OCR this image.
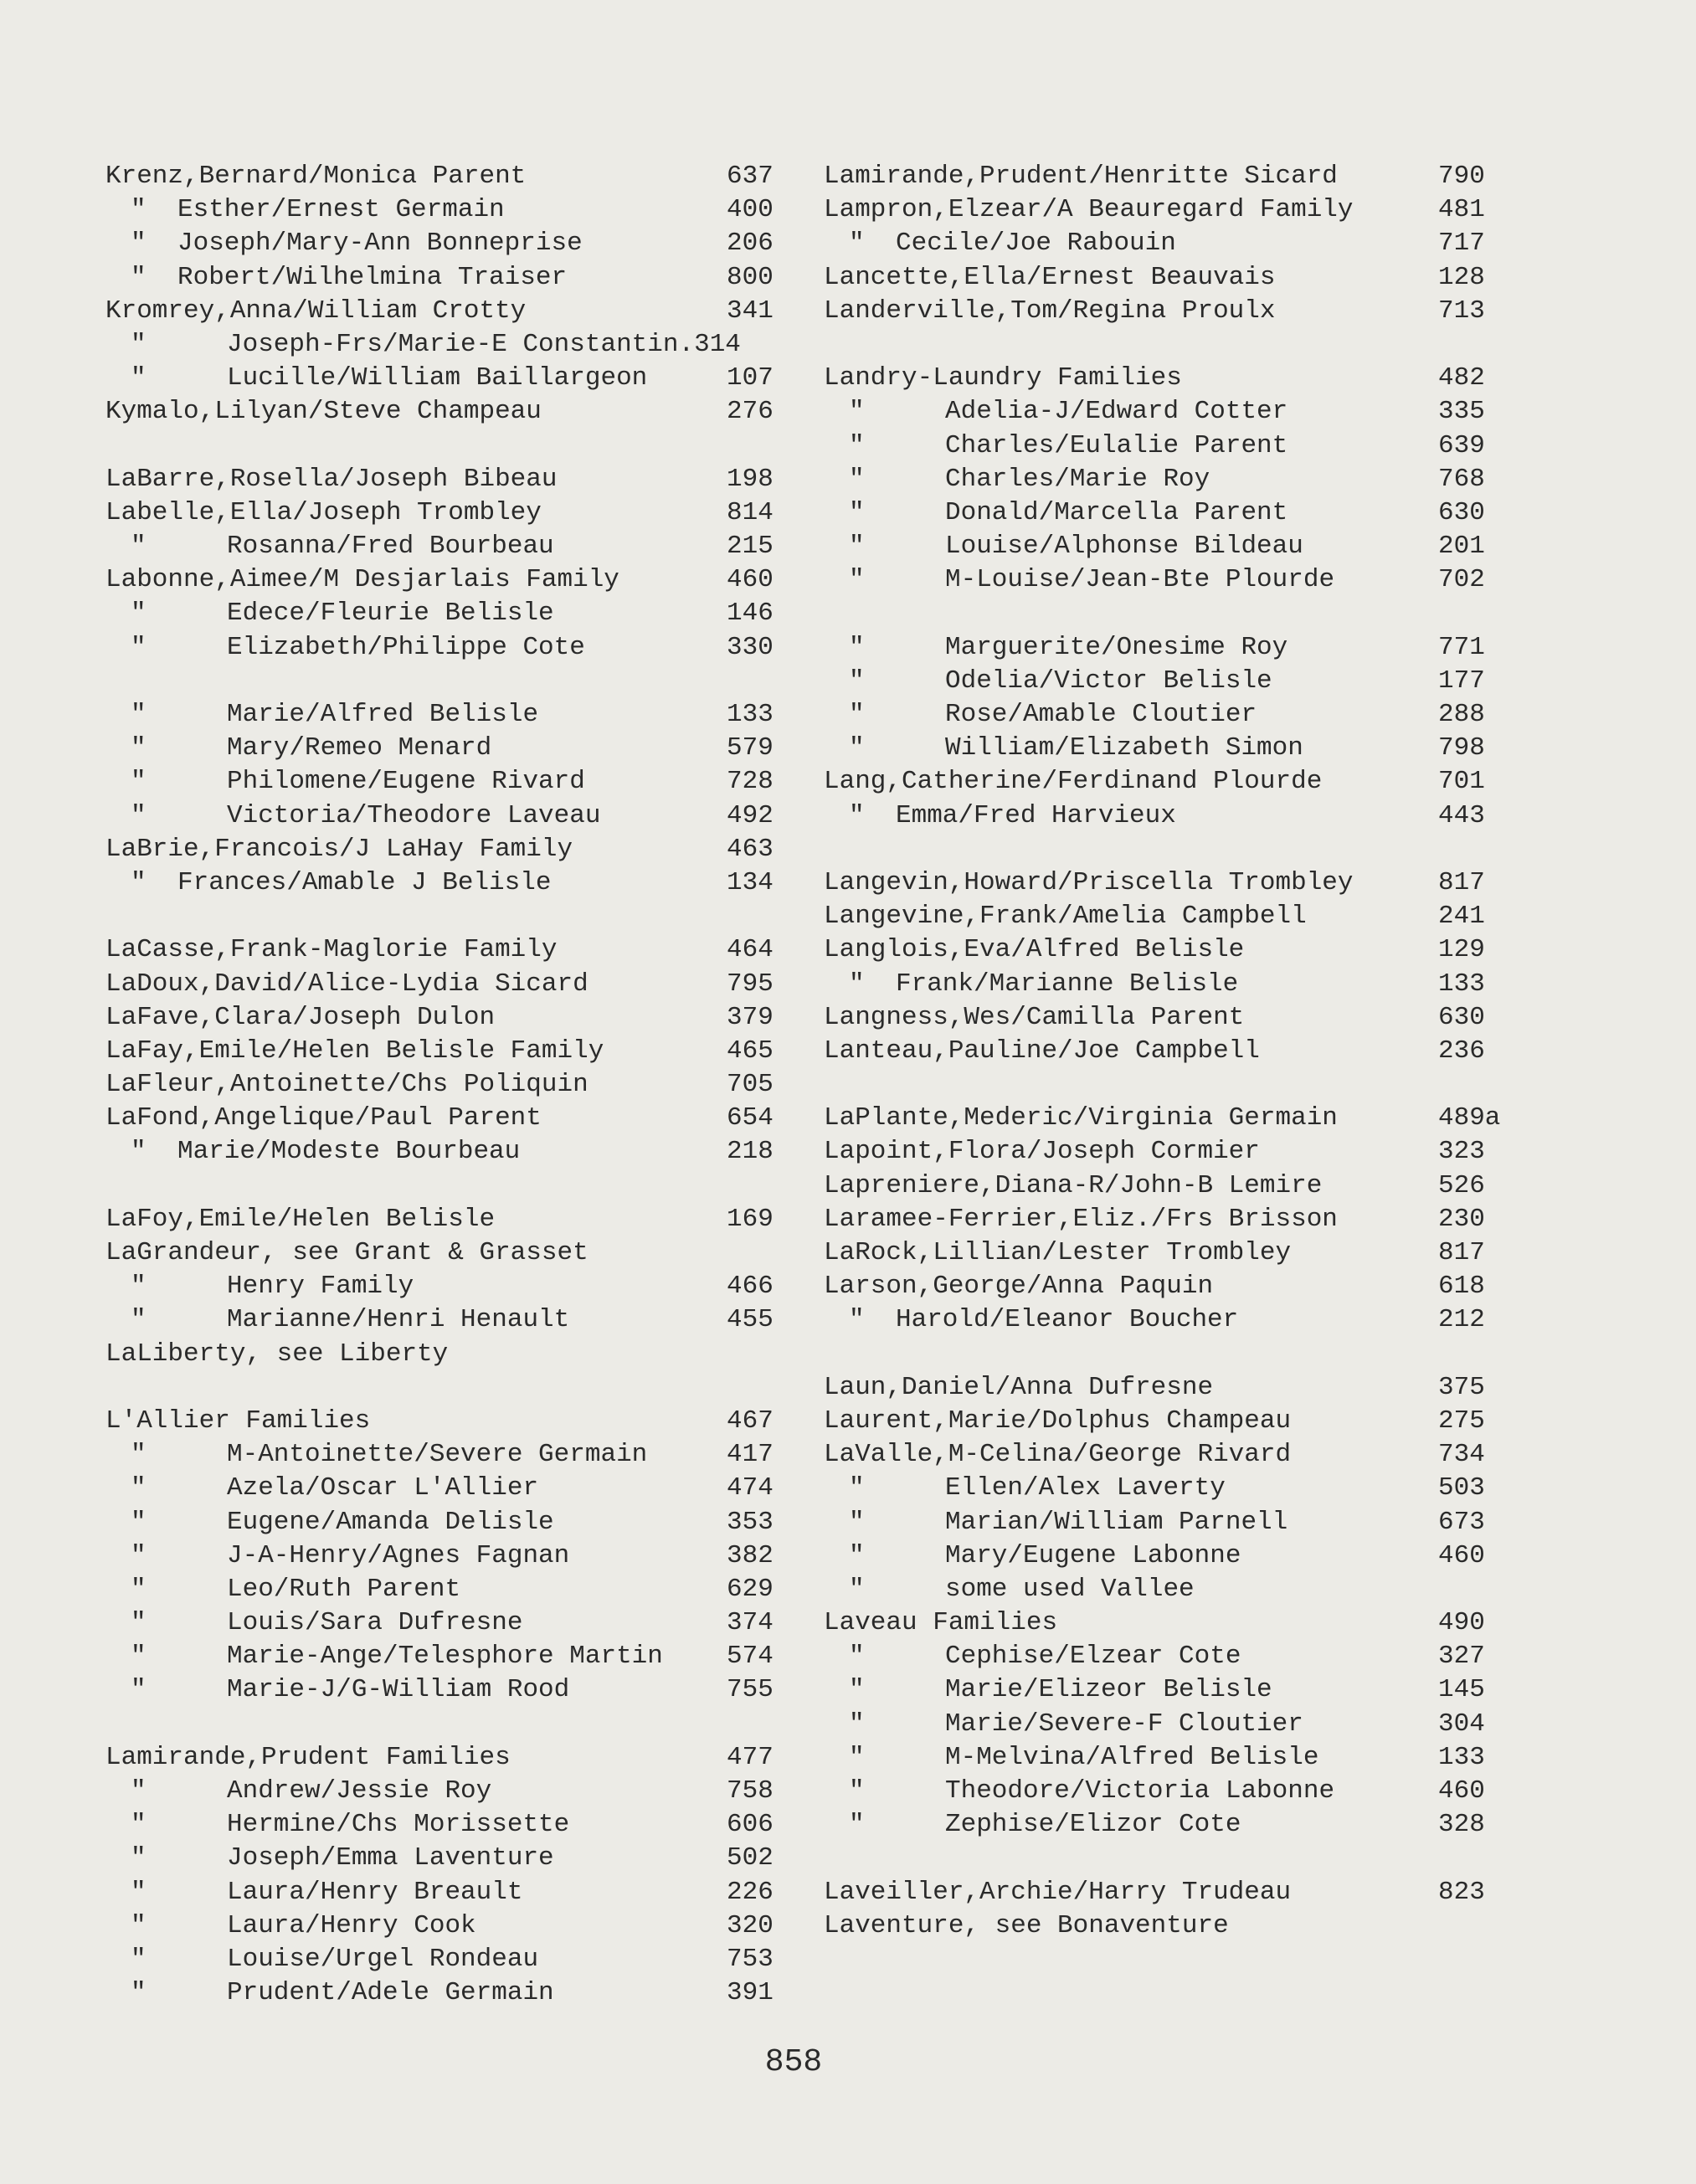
Krenz,Bernard/Monica Parent	637
" Esther/Ernest Germain	400
" Joseph/Mary-Ann Bonneprise	206
" Robert/Wilhelmina Traiser	800
Kromrey,Anna/William Crotty	341
"	Joseph-Frs/Marie-E Constantin.314
"	Lucille/William Baillargeon	107
Kymalo,Lilyan/Steve Champeau	276
LaBarre,Rosella/Joseph Bibeau	198
Labelle,Ella/Joseph Trombley	814
"	Rosanna/Fred Bourbeau	215
Labonne,Aimee/M Desjarlais Family	460
"	Edece/Fleurie Belisle	146
"	Elizabeth/Philippe Cote	330
"	Marie/Alfred Belisle	133
"	Mary/Remeo Menard	579
"	Philomene/Eugene Rivard	728
"	Victoria/Theodore Laveau	492
LaBrie,Francois/J LaHay Family	463
" Frances/Amable J Belisle	134
LaCasse,Frank-Maglorie Family	464
LaDoux,David/Alice-Lydia Sicard	795
LaFave,Clara/Joseph Dulon	379
LaFay,Emile/Helen Belisle Family	465
LaFleur,Antoinette/Chs Poliquin	705
LaFond,Angelique/Paul Parent	654
" Marie/Modeste Bourbeau	218
LaFoy,Emile/Helen Belisle	169
LaGrandeur, see Grant & Grasset
"	Henry Family	466
"	Marianne/Henri Henault	455
LaLiberty, see Liberty
L'Allier Families	467
"	M-Antoinette/Severe Germain	417
"	Azela/Oscar L'Allier	474
"	Eugene/Amanda Delisle	353
"	J-A-Henry/Agnes Fagnan	382
"	Leo/Ruth Parent	629
"	Louis/Sara Dufresne	374
"	Marie-Ange/Telesphore Martin 574
"	Marie-J/G-William Rood	755
Lamirande,Prudent Families	477
"	Andrew/Jessie Roy	758
"	Hermine/Chs Morissette	606
"	Joseph/Emma Laventure	502
"	Laura/Henry Breault	226
"	Laura/Henry Cook	320
"	Louise/Urgel Rondeau	753
"	Prudent/Adele Germain	391
Lamirande,Prudent/Henritte Sicard	790
Lampron,Elzear/A Beauregard Family	481
" Cecile/Joe Rabouin	717
Lancette,Ella/Ernest Beauvais	128
Landerville,Tom/Regina Proulx	713
Landry-Laundry Families	482
"	Adelia-J/Edward Cotter	335
"	Charles/Eulalie Parent	639
"	Charles/Marie Roy	768
"	Donald/Marcella Parent	630
"	Louise/Alphonse Bildeau	201
"	M-Louise/Jean-Bte Plourde	702
"	Marguerite/Onesime Roy	771
"	Odelia/Victor Belisle	177
"	Rose/Amable Cloutier	288
"	William/Elizabeth Simon	798
Lang,Catherine/Ferdinand Plourde	701
" Emma/Fred Harvieux	443
Langevin,Howard/Priscella Trombley	817
Langevine,Frank/Amelia Campbell	241
Langlois,Eva/Alfred Belisle	129
" Frank/Marianne Belisle	133
Langness,Wes/Camilla Parent	630
Lanteau,Pauline/Joe Campbell	236
LaPlante,Mederic/Virginia Germain	489a
Lapoint,Flora/Joseph Cormier	323
Lapreniere,Diana-R/John-B Lemire	526
Laramee-Ferrier,Eliz./Frs Brisson	230
LaRock,Lillian/Lester Trombley	817
Larson,George/Anna Paquin	618
" Harold/Eleanor Boucher	212
Laun,Daniel/Anna Dufresne	375
Laurent,Marie/Dolphus Champeau	275
LaValle,M-Celina/George Rivard	734
"	Ellen/Alex Laverty	503
"	Marian/William Parnell	673
"	Mary/Eugene Labonne	460
"	some used Vallee
Laveau Families	490
"	Cephise/Elzear Cote	327
"	Marie/Elizeor Belisle	145
"	Marie/Severe-F Cloutier	304
"	M-Melvina/Alfred Belisle	133
"	Theodore/Victoria Labonne	460
"	Zephise/Elizor Cote	328
Laveiller,Archie/Harry Trudeau	823
Laventure, see Bonaventure
858
